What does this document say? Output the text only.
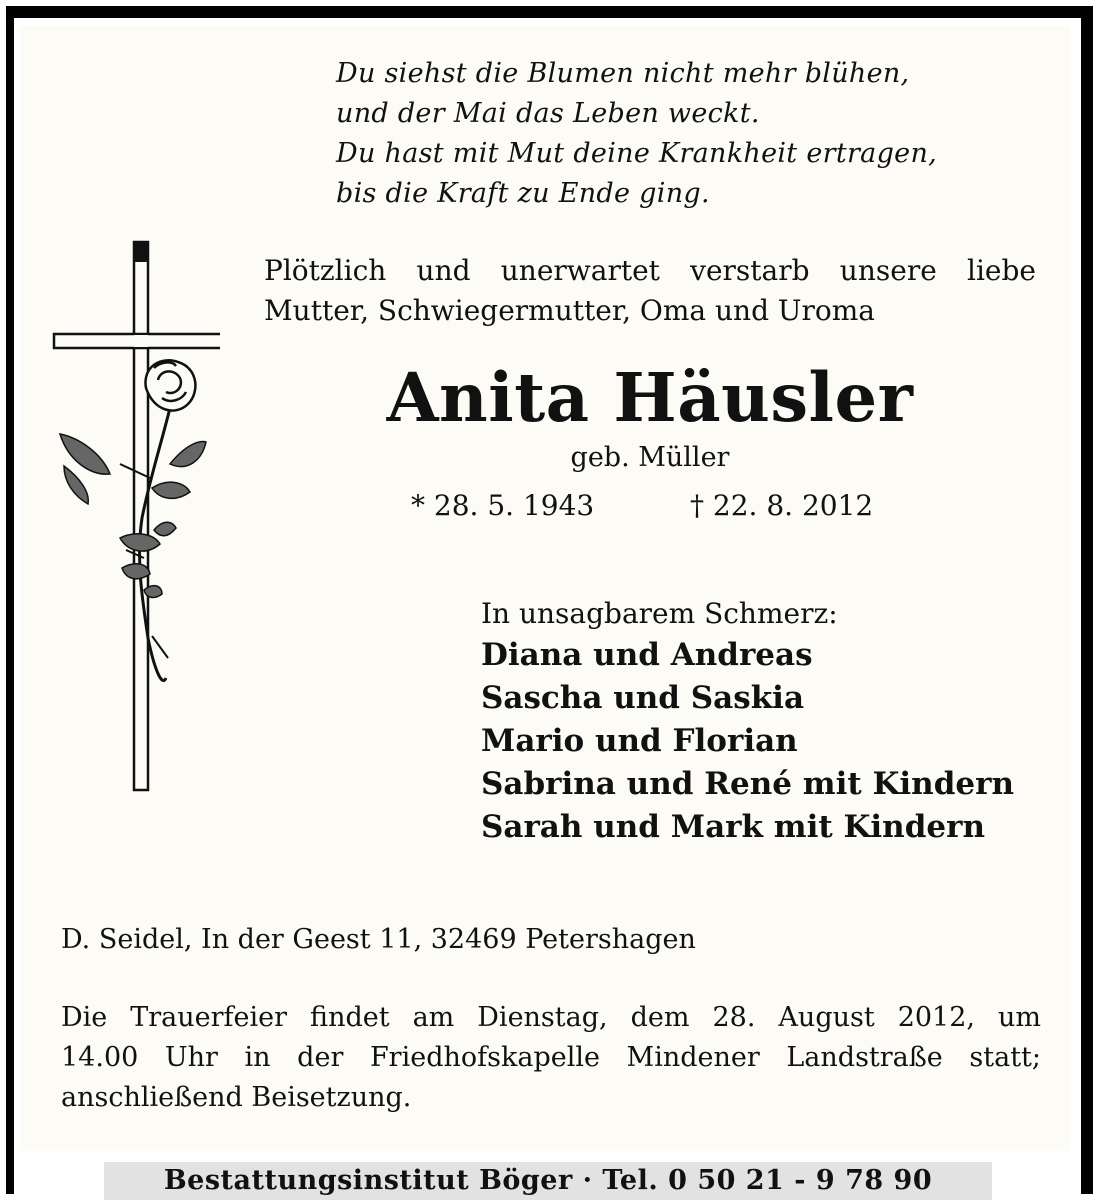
Du siehst die Blumen nicht mehr blühen,
und der Mai das Leben weckt.
Du hast mit Mut deine Krankheit ertragen,
bis die Kraft zu Ende ging.
Plötzlich und unerwartet verstarb unsere liebe
Mutter, Schwiegermutter, Oma und Uroma
Anita Häusler
geb. Müller
* 28. 5. 1943	† 22. 8. 2012
In unsagbarem Schmerz:
Diana und Andreas
Sascha und Saskia
Mario und Florian
Sabrina und René mit Kindern
Sarah und Mark mit Kindern
D. Seidel, In der Geest 11, 32469 Petershagen
Die Trauerfeier findet am Dienstag, dem 28. August 2012, um
14.00 Uhr in der Friedhofskapelle Mindener Landstraße statt;
anschließend Beisetzung.
Bestattungsinstitut Böger · Tel. 0 50 21 - 9 78 90
